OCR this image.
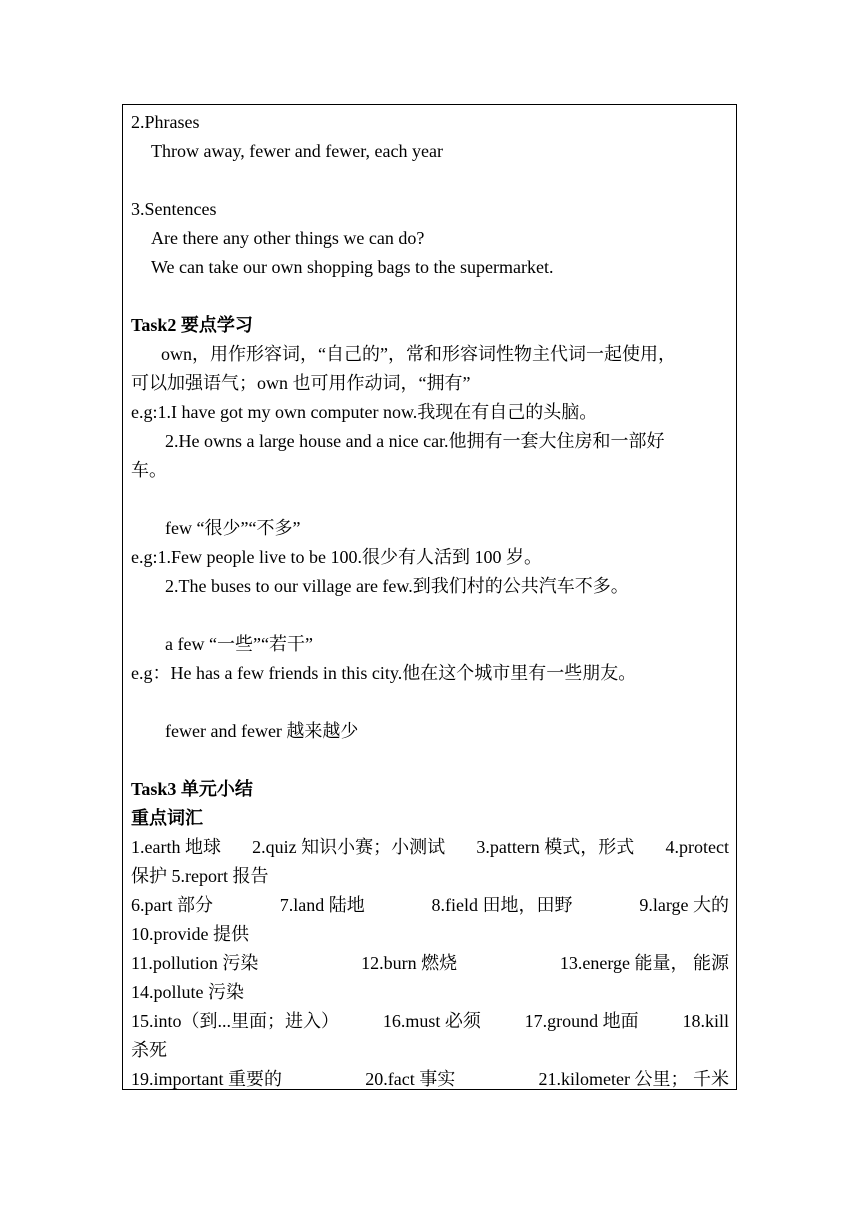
2.Phrases
Throw away, fewer and fewer, each year
3.Sentences
Are there any other things we can do?
We can take our own shopping bags to the supermarket.
Task2 要点学习
own，用作形容词，“自己的”，常和形容词性物主代词一起使用，
可以加强语气；own 也可用作动词，“拥有”
e.g:1.I have got my own computer now.我现在有自己的头脑。
2.He owns a large house and a nice car.他拥有一套大住房和一部好
车。
few “很少”“不多”
e.g:1.Few people live to be 100.很少有人活到 100 岁。
2.The buses to our village are few.到我们村的公共汽车不多。
a few “一些”“若干”
e.g：He has a few friends in this city.他在这个城市里有一些朋友。
fewer and fewer 越来越少
Task3 单元小结
重点词汇
1.earth 地球 2.quiz 知识小赛；小测试 3.pattern 模式，形式 4.protect
保护 5.report 报告
6.part 部分	7.land 陆地	8.field 田地，田野	9.large 大的
10.provide 提供
11.pollution 污染	12.burn 燃烧	13.energe 能量， 能源
14.pollute 污染
15.into（到...里面；进入） 16.must 必须 17.ground 地面 18.kill
杀死
19.important 重要的	20.fact 事实	21.kilometer 公里； 千米
